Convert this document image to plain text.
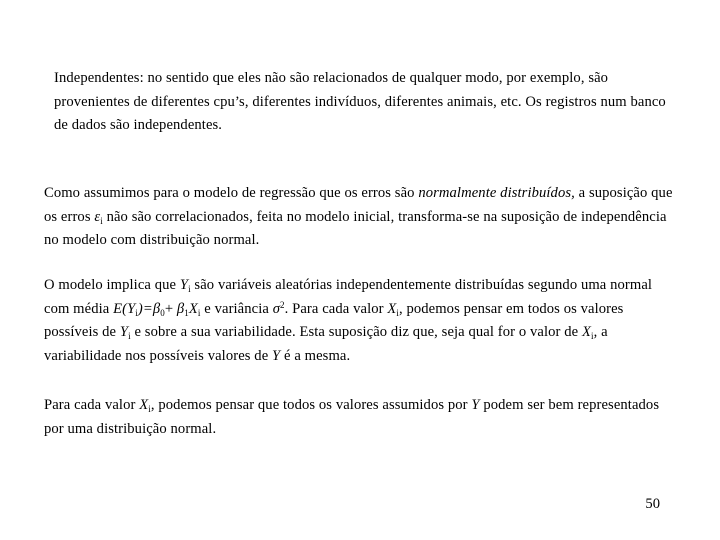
Independentes: no sentido que eles não são relacionados de qualquer modo, por exemplo, são provenientes de diferentes cpu’s, diferentes indivíduos, diferentes animais, etc. Os registros num banco de dados são independentes.

Como assumimos para o modelo de regressão que os erros são normalmente distribuídos, a suposição que os erros $\varepsilon_i$ não são correlacionados, feita no modelo inicial, transforma-se na suposição de independência no modelo com distribuição normal.

O modelo implica que $Y_i$ são variáveis aleatórias independentemente distribuídas segundo uma normal com média $E(Y_i)=\beta_0+ \beta_1X_i$ e variância $\sigma^2$. Para cada valor $X_i$, podemos pensar em todos os valores possíveis de $Y_i$ e sobre a sua variabilidade. Esta suposição diz que, seja qual for o valor de $X_i$, a variabilidade nos possíveis valores de Y é a mesma.

Para cada valor $X_i$, podemos pensar que todos os valores assumidos por Y podem ser bem representados por uma distribuição normal.

50
